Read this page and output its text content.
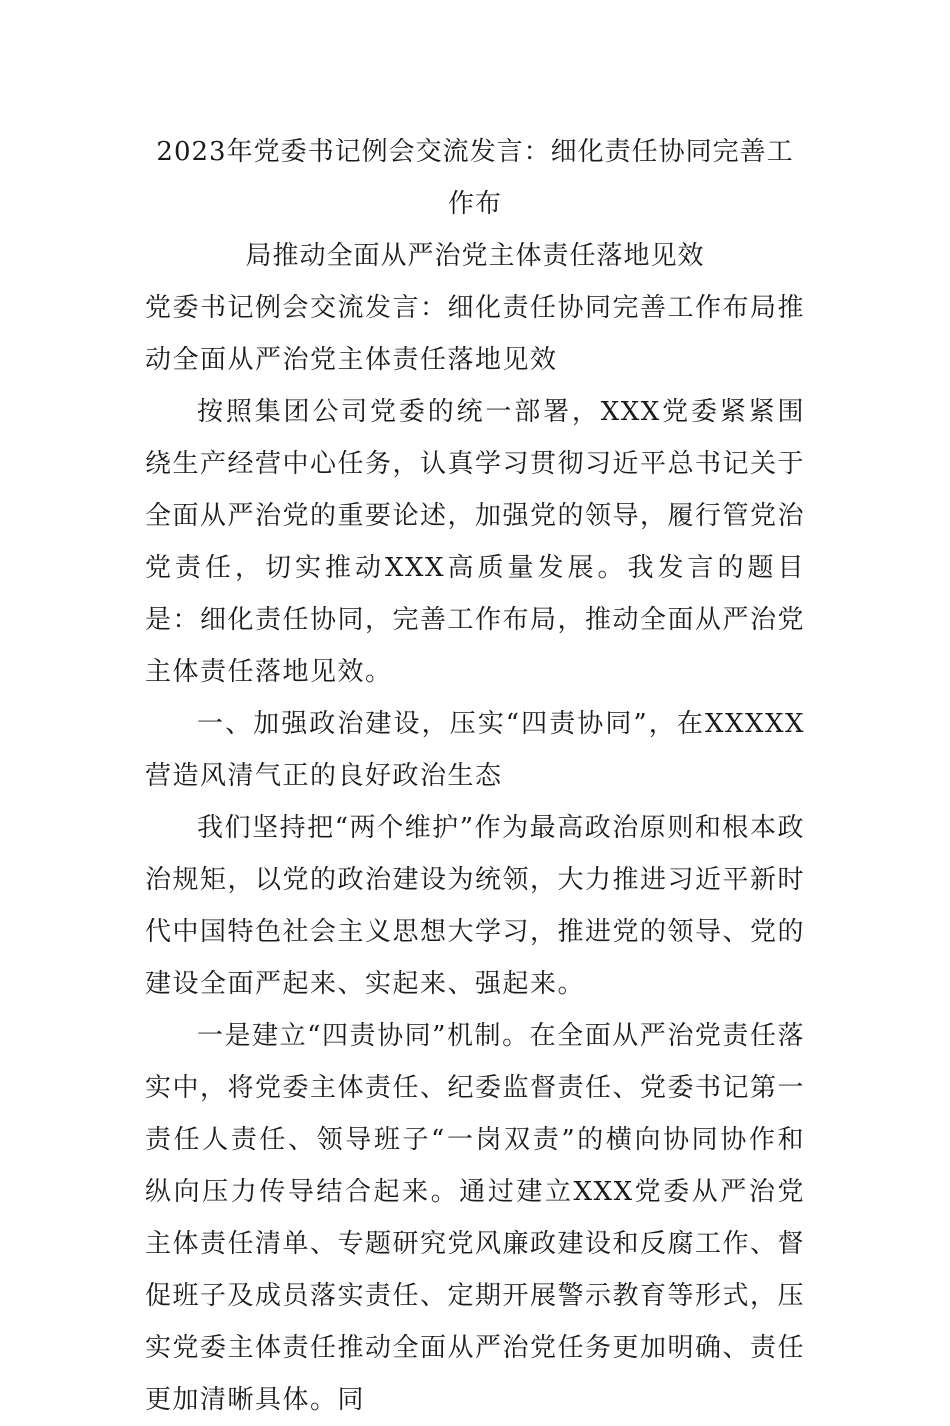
2023年党委书记例会交流发言：细化责任协同完善工作布
局推动全面从严治党主体责任落地见效
党委书记例会交流发言：细化责任协同完善工作布局推动全面从严治党主体责任落地见效

按照集团公司党委的统一部署，XXX党委紧紧围绕生产经营中心任务，认真学习贯彻习近平总书记关于全面从严治党的重要论述，加强党的领导，履行管党治党责任，切实推动XXX高质量发展。我发言的题目是：细化责任协同，完善工作布局，推动全面从严治党主体责任落地见效。

一、加强政治建设，压实“四责协同”，在XXXXX营造风清气正的良好政治生态

我们坚持把“两个维护”作为最高政治原则和根本政治规矩，以党的政治建设为统领，大力推进习近平新时代中国特色社会主义思想大学习，推进党的领导、党的建设全面严起来、实起来、强起来。

一是建立“四责协同”机制。在全面从严治党责任落实中，将党委主体责任、纪委监督责任、党委书记第一责任人责任、领导班子“一岗双责”的横向协同协作和纵向压力传导结合起来。通过建立XXX党委从严治党主体责任清单、专题研究党风廉政建设和反腐工作、督促班子及成员落实责任、定期开展警示教育等形式，压实党委主体责任推动全面从严治党任务更加明确、责任更加清晰具体。同
